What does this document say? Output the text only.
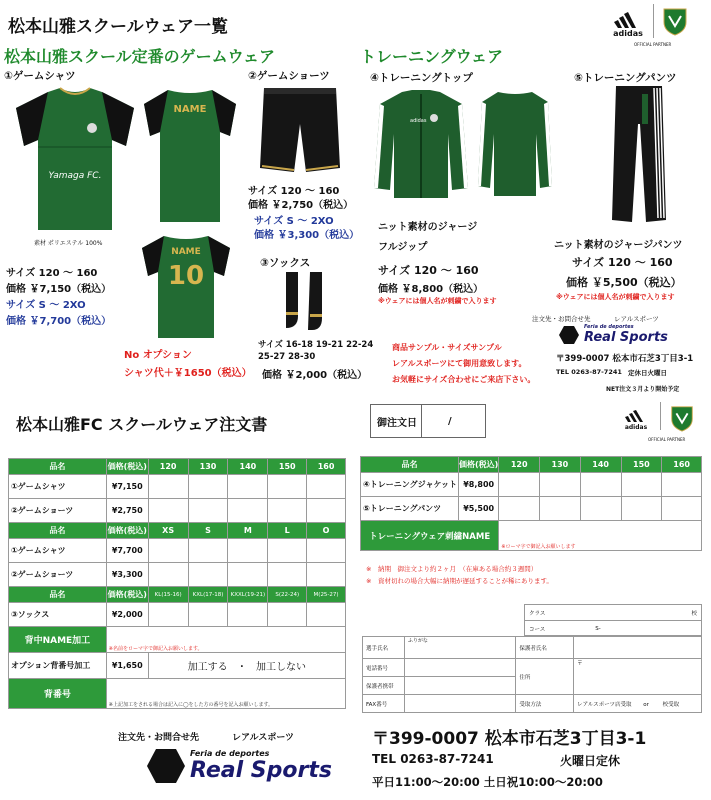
松本山雅スクールウェア一覧	adidas
OFFICIAL PARTNER
松本山雅スクール定番のゲームウェア	トレーニングウェア
①ゲームシャツ	②ゲームショーツ	④トレーニングトップ	⑤トレーニングパンツ
Yamaga FC.
素材 ポリエステル 100%
NAME
NAME
10
サイズ 120 ～ 160
価格 ￥2,750（税込）
サイズ S ～ 2XO
価格 ￥3,300（税込）
③ソックス
サイズ 16-18 19-21 22-24
25-27 28-30
価格 ￥2,000（税込）
サイズ 120 ～ 160
価格 ￥7,150（税込）
サイズ S ～ 2XO
価格 ￥7,700（税込）
No オプション
シャツ代＋￥1650（税込）
adidas
ニット素材のジャージ
フルジップ
サイズ 120 ～ 160
価格 ￥8,800（税込）
※ウェアには個人名が刺繍で入ります
ニット素材のジャージパンツ
サイズ 120 ～ 160
価格 ￥5,500（税込）
※ウェアには個人名が刺繍で入ります
商品サンプル・サイズサンプル
レアルスポーツにて御用意致します。
お気軽にサイズ合わせにご来店下さい。
注文先・お問合せ先	レアルスポーツ
Feria de deportes
Real Sports
〒399-0007 松本市石芝3丁目3-1
TEL 0263-87-7241 定休日火曜日
NET注文３月より開始予定
松本山雅FC スクールウェア注文書	御注文日	/
adidas
OFFICIAL PARTNER
品名	価格(税込)	120	130	140	150	160
①ゲームシャツ	¥7,150					
②ゲームショーツ	¥2,750					
品名	価格(税込)	XS	S	M	L	O
①ゲームシャツ	¥7,700					
②ゲームショーツ	¥3,300					
品名	価格(税込)	KL(15-16)	KXL(17-18)	KXXL(19-21)	S(22-24)	M(25-27)
③ソックス	¥2,000					
背中NAME加工	※名前をローマ字で御記入お願いします。					
オプション背番号加工	¥1,650	加工する ・ 加工しない				
背番号	※上記加工をされる場合は記入に◯をした方の番号を記入お願いします。					
品名	価格(税込)	120	130	140	150	160
④トレーニングジャケット	¥8,800					
⑤トレーニングパンツ	¥5,500					
トレーニングウェア刺繍NAME		※ローマ字で御記入お願いします				
※　納期　御注文より約２ヶ月　（在庫ある場合約３週間）
※　資材切れの場合大幅に納期が遅延することが稀にあります。
クラス	校
コース	S-
選手氏名	ふりがな	保護者氏名	
電話番号		住所	〒
保護者携帯			
FAX番号		受取方法	レアルスポーツ店受取 or 校受取
注文先・お問合せ先	レアルスポーツ
Feria de deportes
Real Sports
〒399-0007 松本市石芝3丁目3-1
TEL 0263-87-7241	火曜日定休
平日11:00～20:00 土日祝10:00～20:00
